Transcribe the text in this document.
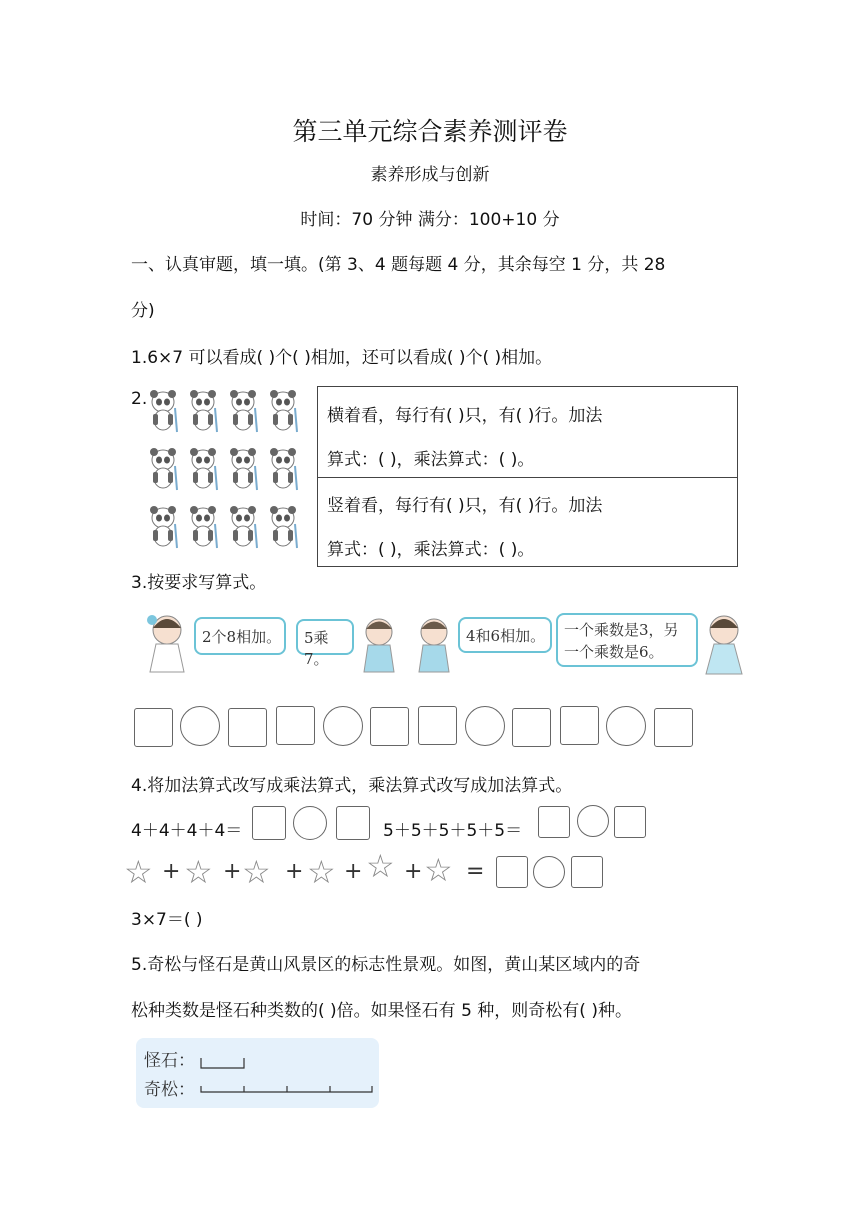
第三单元综合素养测评卷
素养形成与创新
时间：70 分钟 满分：100+10 分
一、认真审题，填一填。(第 3、4 题每题 4 分，其余每空 1 分，共 28
分)
1.6×7 可以看成( )个( )相加，还可以看成( )个( )相加。
2.
横着看，每行有( )只，有( )行。加法
算式：( )，乘法算式：( )。
竖着看，每行有( )只，有( )行。加法
算式：( )，乘法算式：( )。
3.按要求写算式。
2个8相加。 5乘7。
4和6相加。 一个乘数是3，另
一个乘数是6。
4.将加法算式改写成乘法算式，乘法算式改写成加法算式。
4＋4＋4＋4＝	5＋5＋5＋5＋5＝
☆ + ☆ + ☆ + ☆ + ☆ + ☆ =
3×7＝( )
5.奇松与怪石是黄山风景区的标志性景观。如图，黄山某区域内的奇
松种类数是怪石种类数的( )倍。如果怪石有 5 种，则奇松有( )种。
怪石：
奇松：
